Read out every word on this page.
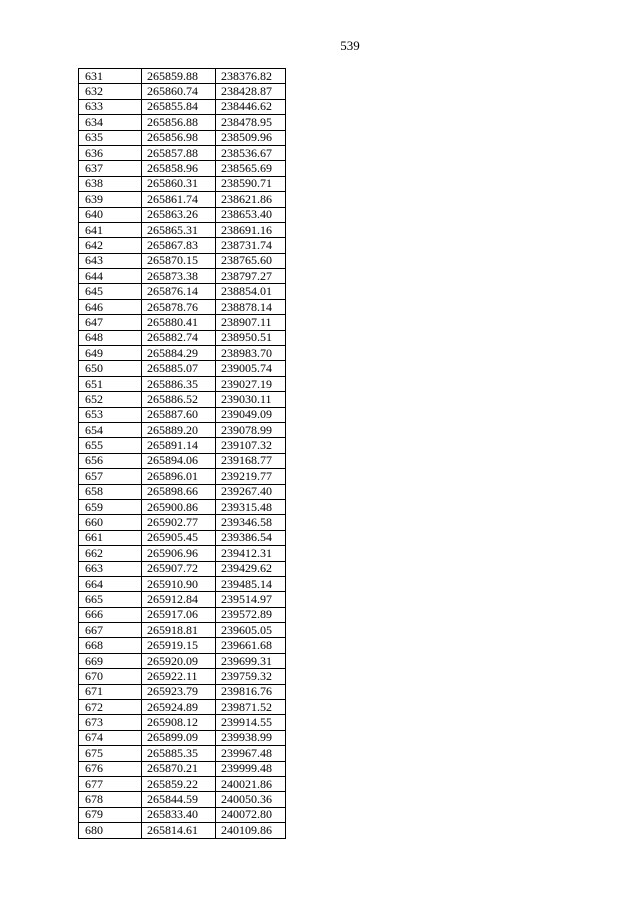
539
631	265859.88	238376.82
632	265860.74	238428.87
633	265855.84	238446.62
634	265856.88	238478.95
635	265856.98	238509.96
636	265857.88	238536.67
637	265858.96	238565.69
638	265860.31	238590.71
639	265861.74	238621.86
640	265863.26	238653.40
641	265865.31	238691.16
642	265867.83	238731.74
643	265870.15	238765.60
644	265873.38	238797.27
645	265876.14	238854.01
646	265878.76	238878.14
647	265880.41	238907.11
648	265882.74	238950.51
649	265884.29	238983.70
650	265885.07	239005.74
651	265886.35	239027.19
652	265886.52	239030.11
653	265887.60	239049.09
654	265889.20	239078.99
655	265891.14	239107.32
656	265894.06	239168.77
657	265896.01	239219.77
658	265898.66	239267.40
659	265900.86	239315.48
660	265902.77	239346.58
661	265905.45	239386.54
662	265906.96	239412.31
663	265907.72	239429.62
664	265910.90	239485.14
665	265912.84	239514.97
666	265917.06	239572.89
667	265918.81	239605.05
668	265919.15	239661.68
669	265920.09	239699.31
670	265922.11	239759.32
671	265923.79	239816.76
672	265924.89	239871.52
673	265908.12	239914.55
674	265899.09	239938.99
675	265885.35	239967.48
676	265870.21	239999.48
677	265859.22	240021.86
678	265844.59	240050.36
679	265833.40	240072.80
680	265814.61	240109.86
